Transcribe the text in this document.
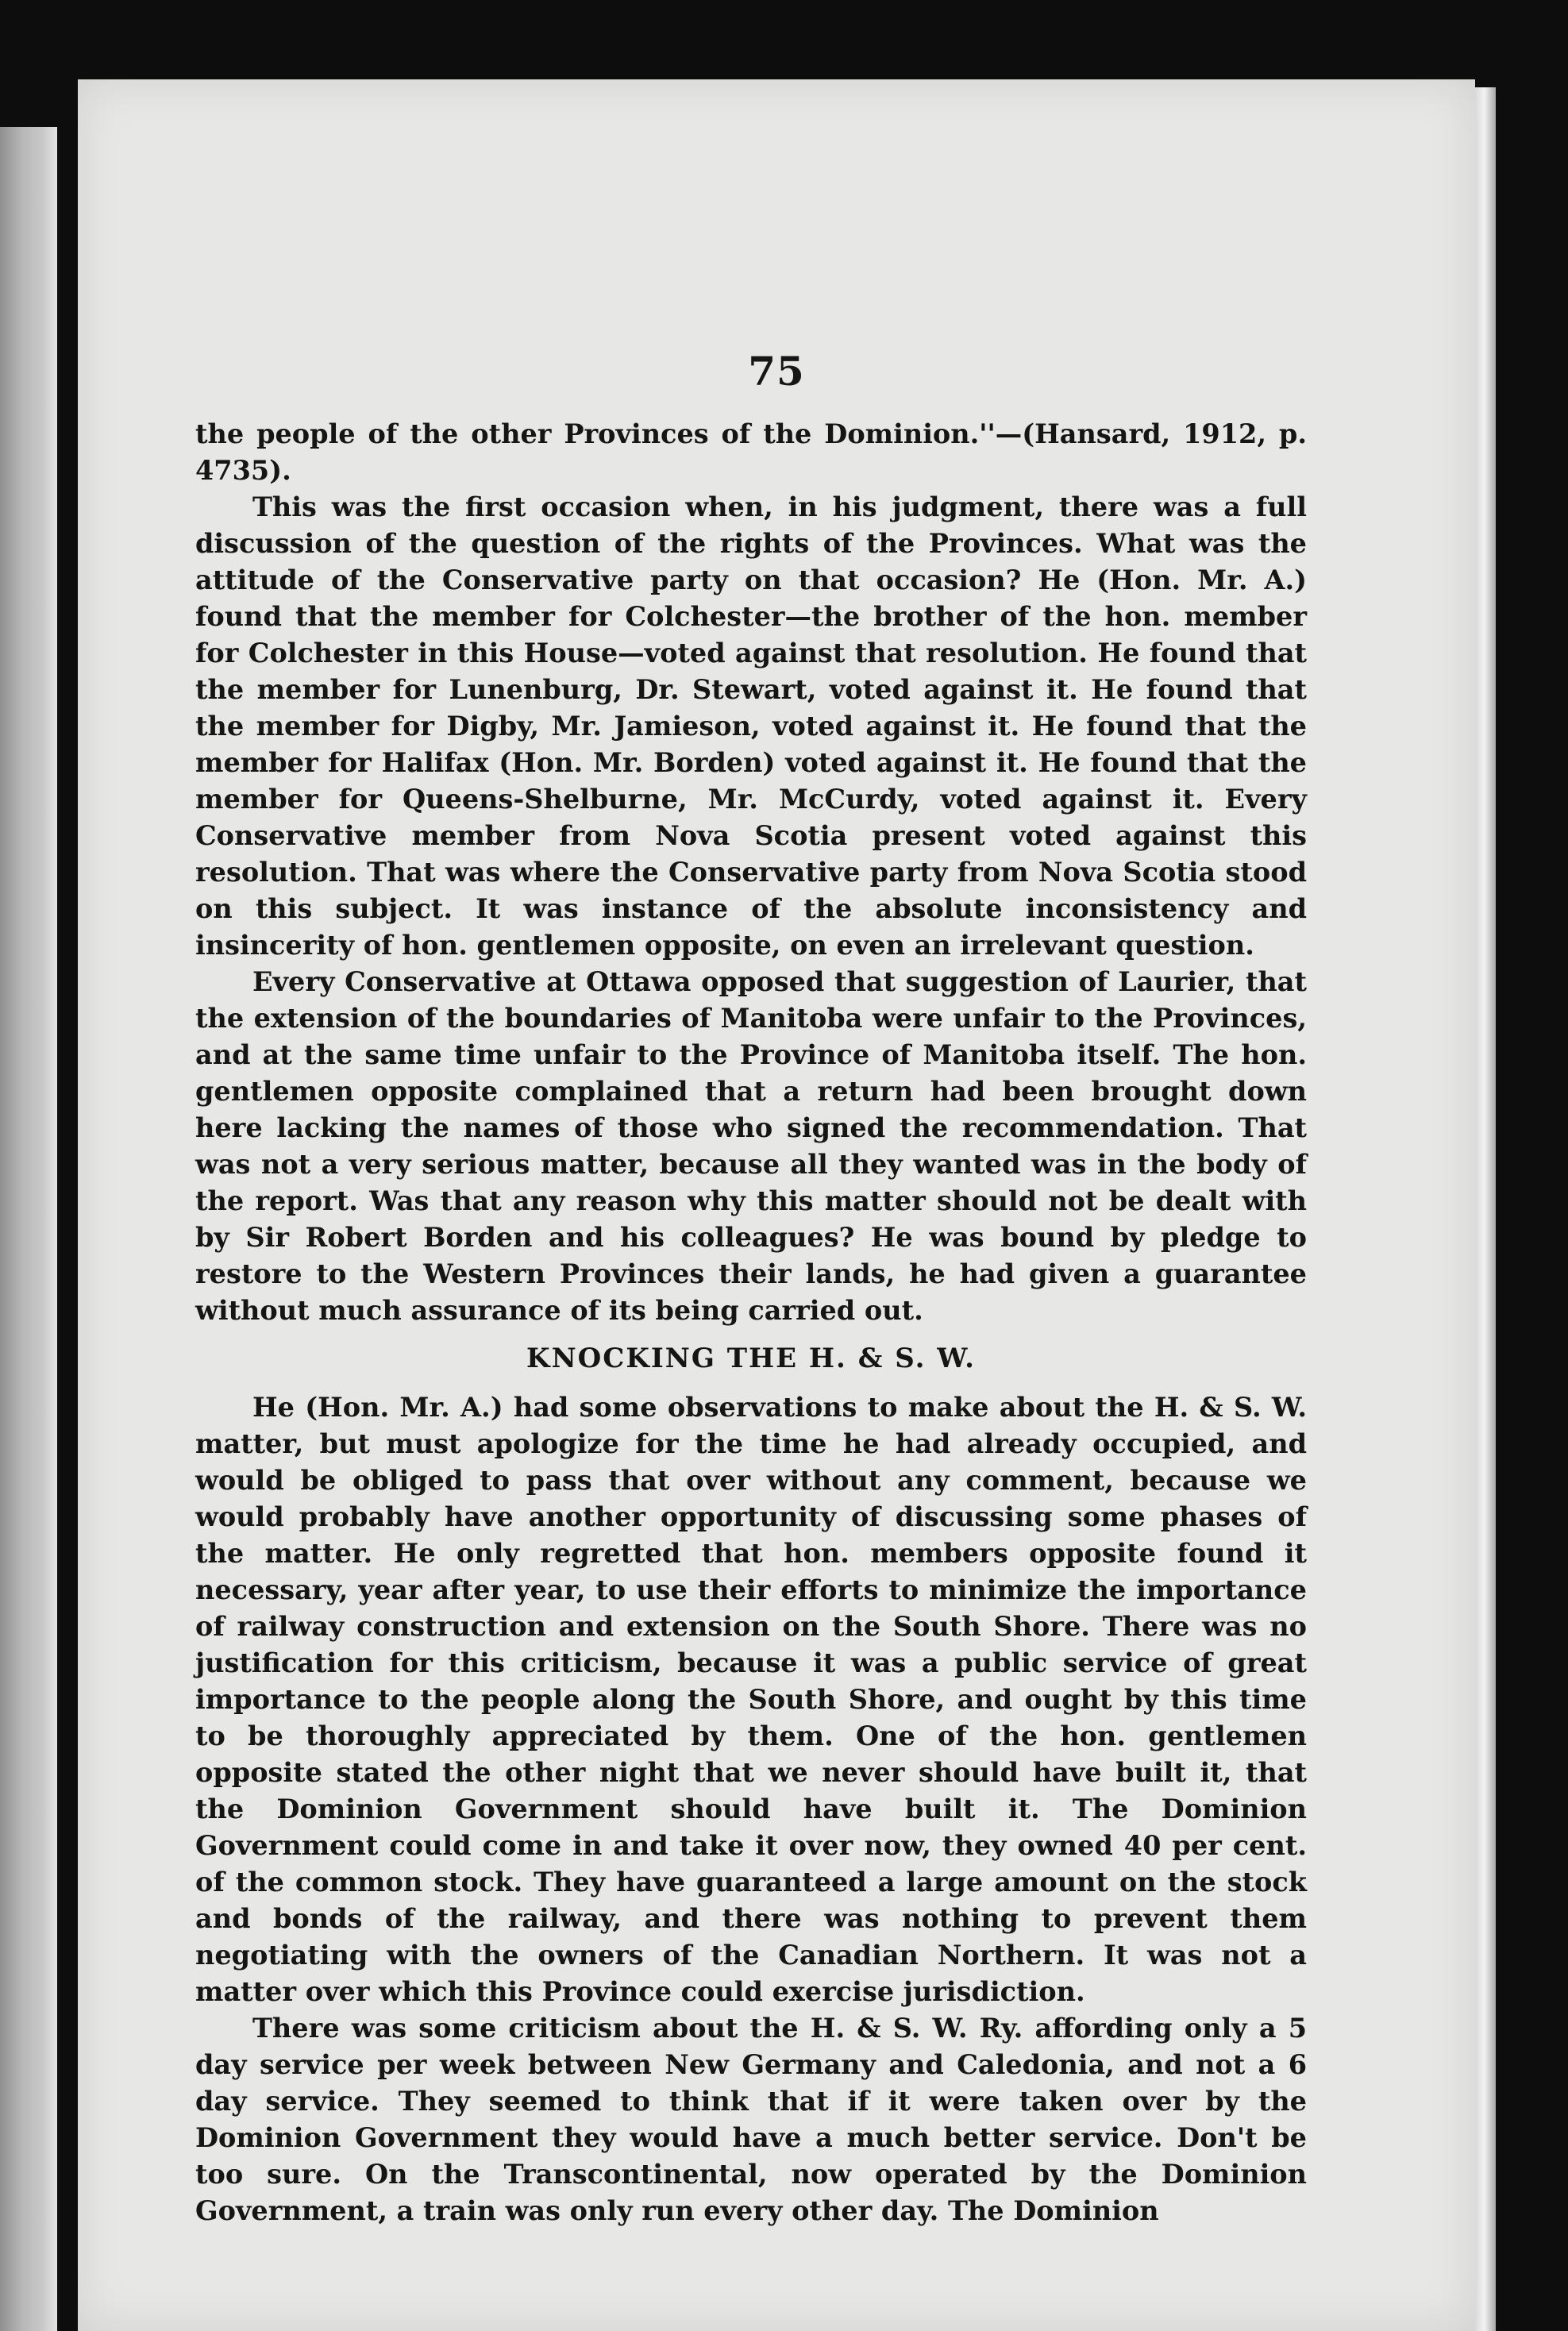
75

the people of the other Provinces of the Dominion.''—(Hansard, 1912, p. 4735).

This was the first occasion when, in his judgment, there was a full discussion of the question of the rights of the Provinces. What was the attitude of the Conservative party on that occasion? He (Hon. Mr. A.) found that the member for Colchester—the brother of the hon. member for Colchester in this House—voted against that resolution. He found that the member for Lunenburg, Dr. Stewart, voted against it. He found that the member for Digby, Mr. Jamieson, voted against it. He found that the member for Halifax (Hon. Mr. Borden) voted against it. He found that the member for Queens-Shelburne, Mr. McCurdy, voted against it. Every Conservative member from Nova Scotia present voted against this resolution. That was where the Conservative party from Nova Scotia stood on this subject. It was instance of the absolute inconsistency and insincerity of hon. gentlemen opposite, on even an irrelevant question.

Every Conservative at Ottawa opposed that suggestion of Laurier, that the extension of the boundaries of Manitoba were unfair to the Provinces, and at the same time unfair to the Province of Manitoba itself. The hon. gentlemen opposite complained that a return had been brought down here lacking the names of those who signed the recommendation. That was not a very serious matter, because all they wanted was in the body of the report. Was that any reason why this matter should not be dealt with by Sir Robert Borden and his colleagues? He was bound by pledge to restore to the Western Provinces their lands, he had given a guarantee without much assurance of its being carried out.

KNOCKING THE H. & S. W.

He (Hon. Mr. A.) had some observations to make about the H. & S. W. matter, but must apologize for the time he had already occupied, and would be obliged to pass that over without any comment, because we would probably have another opportunity of discussing some phases of the matter. He only regretted that hon. members opposite found it necessary, year after year, to use their efforts to minimize the importance of railway construction and extension on the South Shore. There was no justification for this criticism, because it was a public service of great importance to the people along the South Shore, and ought by this time to be thoroughly appreciated by them. One of the hon. gentlemen opposite stated the other night that we never should have built it, that the Dominion Government should have built it. The Dominion Government could come in and take it over now, they owned 40 per cent. of the common stock. They have guaranteed a large amount on the stock and bonds of the railway, and there was nothing to prevent them negotiating with the owners of the Canadian Northern. It was not a matter over which this Province could exercise jurisdiction.

There was some criticism about the H. & S. W. Ry. affording only a 5 day service per week between New Germany and Caledonia, and not a 6 day service. They seemed to think that if it were taken over by the Dominion Government they would have a much better service. Don't be too sure. On the Transcontinental, now operated by the Dominion Government, a train was only run every other day. The Dominion
